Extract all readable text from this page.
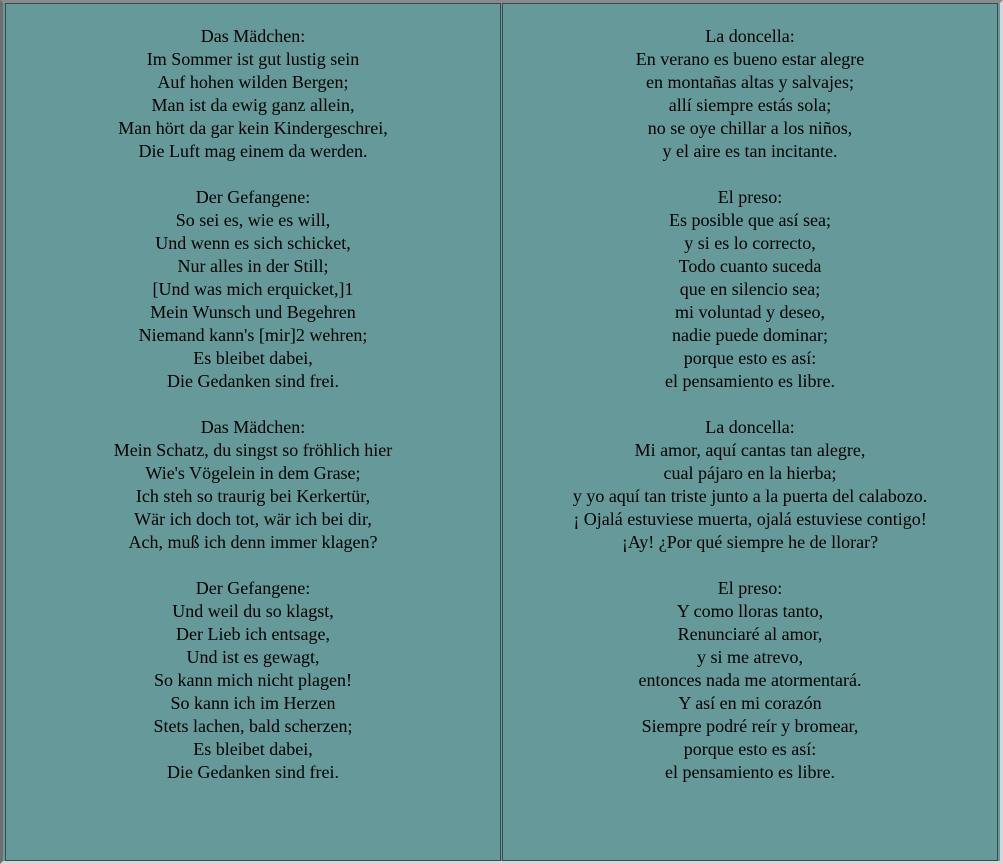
Das Mädchen:
Im Sommer ist gut lustig sein
Auf hohen wilden Bergen;
Man ist da ewig ganz allein,
Man hört da gar kein Kindergeschrei,
Die Luft mag einem da werden.
Der Gefangene:
So sei es, wie es will,
Und wenn es sich schicket,
Nur alles in der Still;
[Und was mich erquicket,]1
Mein Wunsch und Begehren
Niemand kann's [mir]2 wehren;
Es bleibet dabei,
Die Gedanken sind frei.
Das Mädchen:
Mein Schatz, du singst so fröhlich hier
Wie's Vögelein in dem Grase;
Ich steh so traurig bei Kerkertür,
Wär ich doch tot, wär ich bei dir,
Ach, muß ich denn immer klagen?
Der Gefangene:
Und weil du so klagst,
Der Lieb ich entsage,
Und ist es gewagt,
So kann mich nicht plagen!
So kann ich im Herzen
Stets lachen, bald scherzen;
Es bleibet dabei,
Die Gedanken sind frei.
La doncella:
En verano es bueno estar alegre
en montañas altas y salvajes;
allí siempre estás sola;
no se oye chillar a los niños,
y el aire es tan incitante.
El preso:
Es posible que así sea;
y si es lo correcto,
Todo cuanto suceda
que en silencio sea;
mi voluntad y deseo,
nadie puede dominar;
porque esto es así:
el pensamiento es libre.
La doncella:
Mi amor, aquí cantas tan alegre,
cual pájaro en la hierba;
y yo aquí tan triste junto a la puerta del calabozo.
¡ Ojalá estuviese muerta, ojalá estuviese contigo!
¡Ay! ¿Por qué siempre he de llorar?
El preso:
Y como lloras tanto,
Renunciaré al amor,
y si me atrevo,
entonces nada me atormentará.
Y así en mi corazón
Siempre podré reír y bromear,
porque esto es así:
el pensamiento es libre.
